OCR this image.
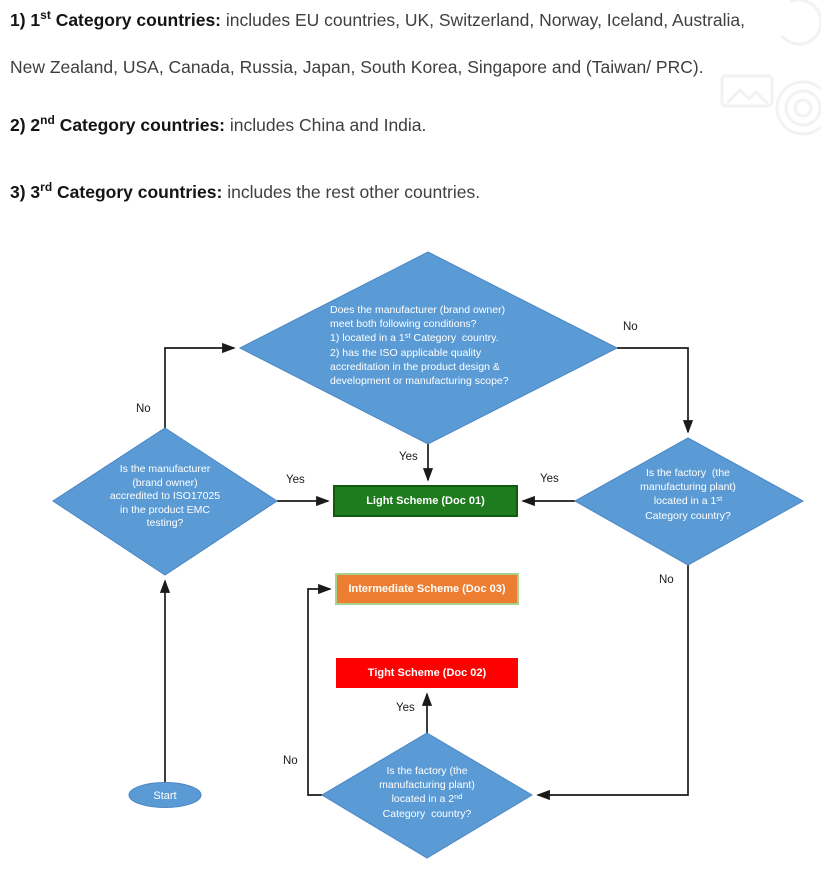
1) 1st Category countries: includes EU countries, UK, Switzerland, Norway, Iceland, Australia,
New Zealand, USA, Canada, Russia, Japan, South Korea, Singapore and (Taiwan/ PRC).
2) 2nd Category countries: includes China and India.
3) 3rd Category countries: includes the rest other countries.
Does the manufacturer (brand owner)
meet both following conditions?
1) located in a 1st Category  country.
2) has the ISO applicable quality
accreditation in the product design &
development or manufacturing scope?
Is the manufacturer
(brand owner)
accredited to ISO17025
in the product EMC
testing?
Is the factory  (the
manufacturing plant)
located in a 1st
Category country?
Is the factory (the
manufacturing plant)
located in a 2nd
Category  country?
Light Scheme (Doc 01)
Intermediate Scheme (Doc 03)
Tight Scheme (Doc 02)
Start
No
Yes
Yes
Yes
No
No
No
Yes
